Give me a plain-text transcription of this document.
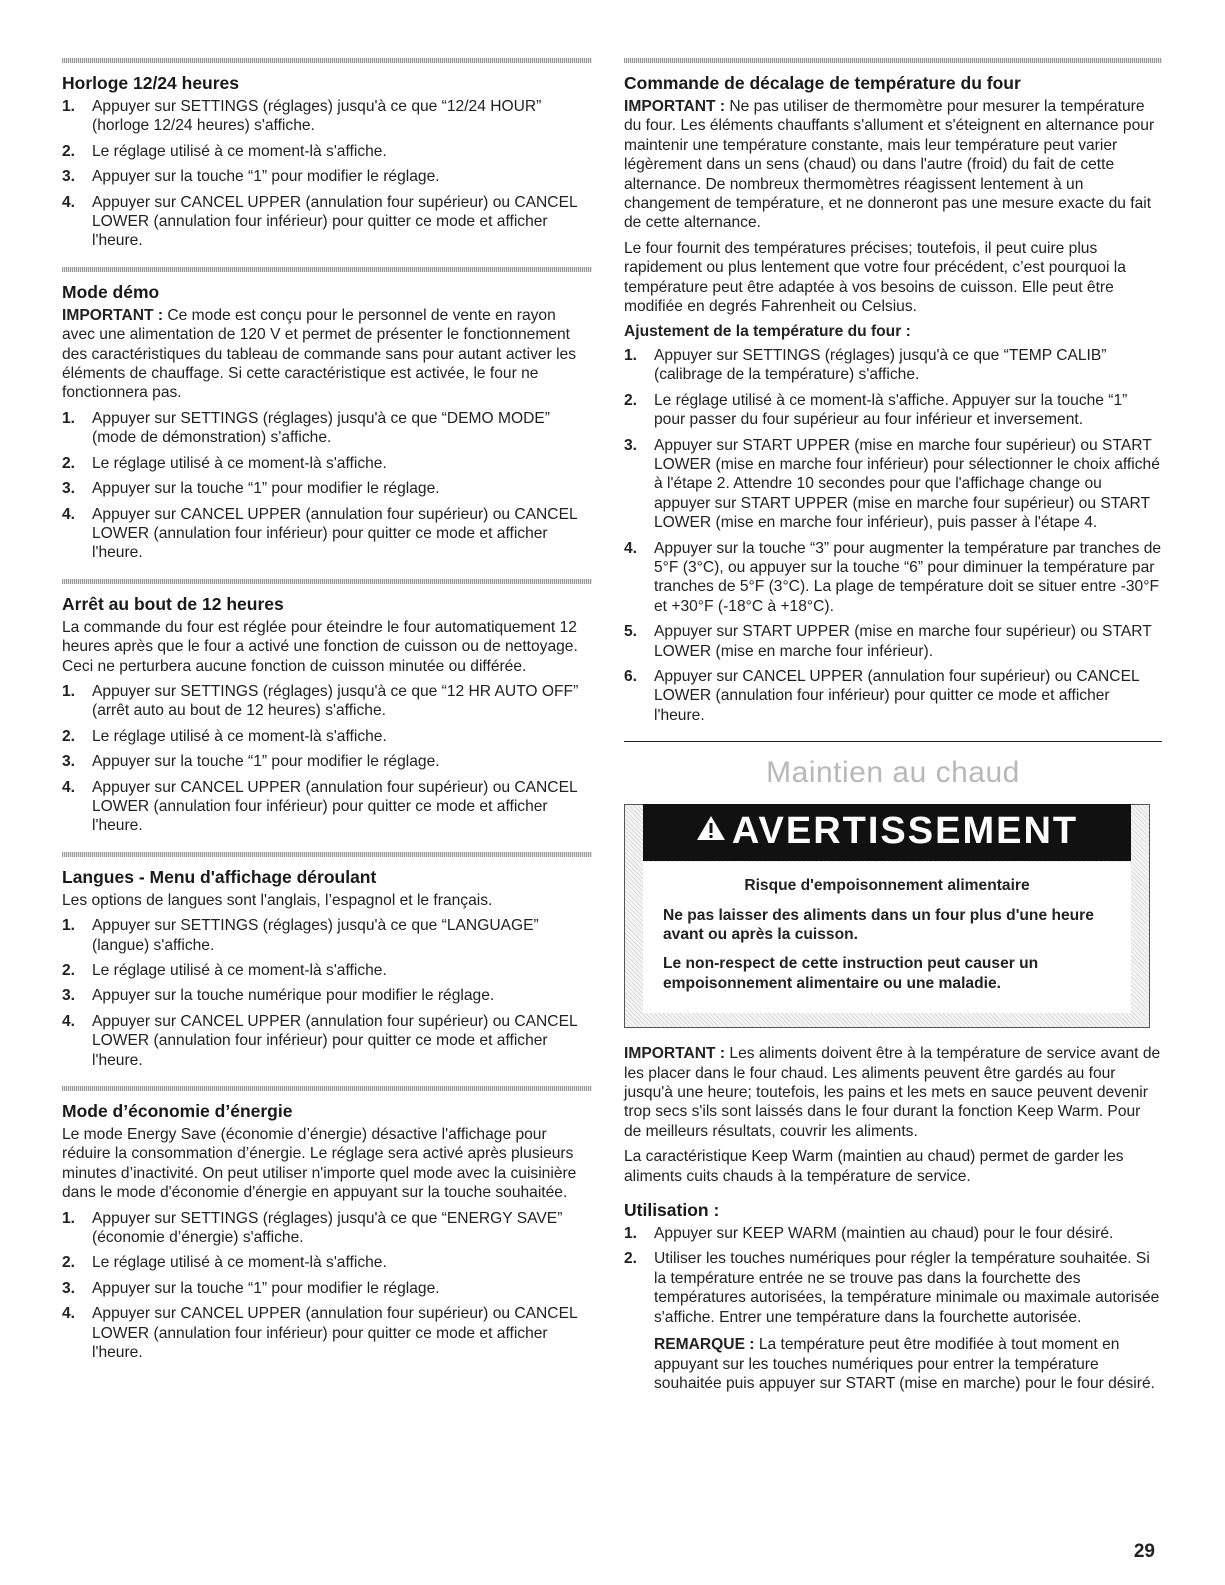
Horloge 12/24 heures
1. Appuyer sur SETTINGS (réglages) jusqu'à ce que “12/24 HOUR” (horloge 12/24 heures) s'affiche.
2. Le réglage utilisé à ce moment-là s'affiche.
3. Appuyer sur la touche “1” pour modifier le réglage.
4. Appuyer sur CANCEL UPPER (annulation four supérieur) ou CANCEL LOWER (annulation four inférieur) pour quitter ce mode et afficher l'heure.
Mode démo

IMPORTANT : Ce mode est conçu pour le personnel de vente en rayon avec une alimentation de 120 V et permet de présenter le fonctionnement des caractéristiques du tableau de commande sans pour autant activer les éléments de chauffage. Si cette caractéristique est activée, le four ne fonctionnera pas.

1. Appuyer sur SETTINGS (réglages) jusqu'à ce que “DEMO MODE” (mode de démonstration) s'affiche.
2. Le réglage utilisé à ce moment-là s'affiche.
3. Appuyer sur la touche “1” pour modifier le réglage.
4. Appuyer sur CANCEL UPPER (annulation four supérieur) ou CANCEL LOWER (annulation four inférieur) pour quitter ce mode et afficher l'heure.
Arrêt au bout de 12 heures

La commande du four est réglée pour éteindre le four automatiquement 12 heures après que le four a activé une fonction de cuisson ou de nettoyage. Ceci ne perturbera aucune fonction de cuisson minutée ou différée.

1. Appuyer sur SETTINGS (réglages) jusqu'à ce que “12 HR AUTO OFF” (arrêt auto au bout de 12 heures) s'affiche.
2. Le réglage utilisé à ce moment-là s'affiche.
3. Appuyer sur la touche “1” pour modifier le réglage.
4. Appuyer sur CANCEL UPPER (annulation four supérieur) ou CANCEL LOWER (annulation four inférieur) pour quitter ce mode et afficher l'heure.
Langues - Menu d'affichage déroulant

Les options de langues sont l'anglais, l’espagnol et le français.

1. Appuyer sur SETTINGS (réglages) jusqu'à ce que “LANGUAGE” (langue) s'affiche.
2. Le réglage utilisé à ce moment-là s'affiche.
3. Appuyer sur la touche numérique pour modifier le réglage.
4. Appuyer sur CANCEL UPPER (annulation four supérieur) ou CANCEL LOWER (annulation four inférieur) pour quitter ce mode et afficher l'heure.
Mode d’économie d’énergie

Le mode Energy Save (économie d’énergie) désactive l'affichage pour réduire la consommation d’énergie. Le réglage sera activé après plusieurs minutes d’inactivité. On peut utiliser n'importe quel mode avec la cuisinière dans le mode d'économie d'énergie en appuyant sur la touche souhaitée.

1. Appuyer sur SETTINGS (réglages) jusqu'à ce que “ENERGY SAVE” (économie d’énergie) s'affiche.
2. Le réglage utilisé à ce moment-là s'affiche.
3. Appuyer sur la touche “1” pour modifier le réglage.
4. Appuyer sur CANCEL UPPER (annulation four supérieur) ou CANCEL LOWER (annulation four inférieur) pour quitter ce mode et afficher l'heure.
Commande de décalage de température du four

IMPORTANT : Ne pas utiliser de thermomètre pour mesurer la température du four. Les éléments chauffants s'allument et s'éteignent en alternance pour maintenir une température constante, mais leur température peut varier légèrement dans un sens (chaud) ou dans l'autre (froid) du fait de cette alternance. De nombreux thermomètres réagissent lentement à un changement de température, et ne donneront pas une mesure exacte du fait de cette alternance.

Le four fournit des températures précises; toutefois, il peut cuire plus rapidement ou plus lentement que votre four précédent, c’est pourquoi la température peut être adaptée à vos besoins de cuisson. Elle peut être modifiée en degrés Fahrenheit ou Celsius.

Ajustement de la température du four :
1. Appuyer sur SETTINGS (réglages) jusqu'à ce que “TEMP CALIB” (calibrage de la température) s'affiche.
2. Le réglage utilisé à ce moment-là s'affiche. Appuyer sur la touche “1” pour passer du four supérieur au four inférieur et inversement.
3. Appuyer sur START UPPER (mise en marche four supérieur) ou START LOWER (mise en marche four inférieur) pour sélectionner le choix affiché à l'étape 2. Attendre 10 secondes pour que l'affichage change ou appuyer sur START UPPER (mise en marche four supérieur) ou START LOWER (mise en marche four inférieur), puis passer à l'étape 4.
4. Appuyer sur la touche “3” pour augmenter la température par tranches de 5°F (3°C), ou appuyer sur la touche “6” pour diminuer la température par tranches de 5°F (3°C). La plage de température doit se situer entre -30°F et +30°F (-18°C à +18°C).
5. Appuyer sur START UPPER (mise en marche four supérieur) ou START LOWER (mise en marche four inférieur).
6. Appuyer sur CANCEL UPPER (annulation four supérieur) ou CANCEL LOWER (annulation four inférieur) pour quitter ce mode et afficher l'heure.
Maintien au chaud
AVERTISSEMENT

Risque d'empoisonnement alimentaire

Ne pas laisser des aliments dans un four plus d'une heure avant ou après la cuisson.

Le non-respect de cette instruction peut causer un empoisonnement alimentaire ou une maladie.

IMPORTANT : Les aliments doivent être à la température de service avant de les placer dans le four chaud. Les aliments peuvent être gardés au four jusqu'à une heure; toutefois, les pains et les mets en sauce peuvent devenir trop secs s'ils sont laissés dans le four durant la fonction Keep Warm. Pour de meilleurs résultats, couvrir les aliments.

La caractéristique Keep Warm (maintien au chaud) permet de garder les aliments cuits chauds à la température de service.

Utilisation :
1. Appuyer sur KEEP WARM (maintien au chaud) pour le four désiré.
2. Utiliser les touches numériques pour régler la température souhaitée. Si la température entrée ne se trouve pas dans la fourchette des températures autorisées, la température minimale ou maximale autorisée s'affiche. Entrer une température dans la fourchette autorisée.
REMARQUE : La température peut être modifiée à tout moment en appuyant sur les touches numériques pour entrer la température souhaitée puis appuyer sur START (mise en marche) pour le four désiré.
29
